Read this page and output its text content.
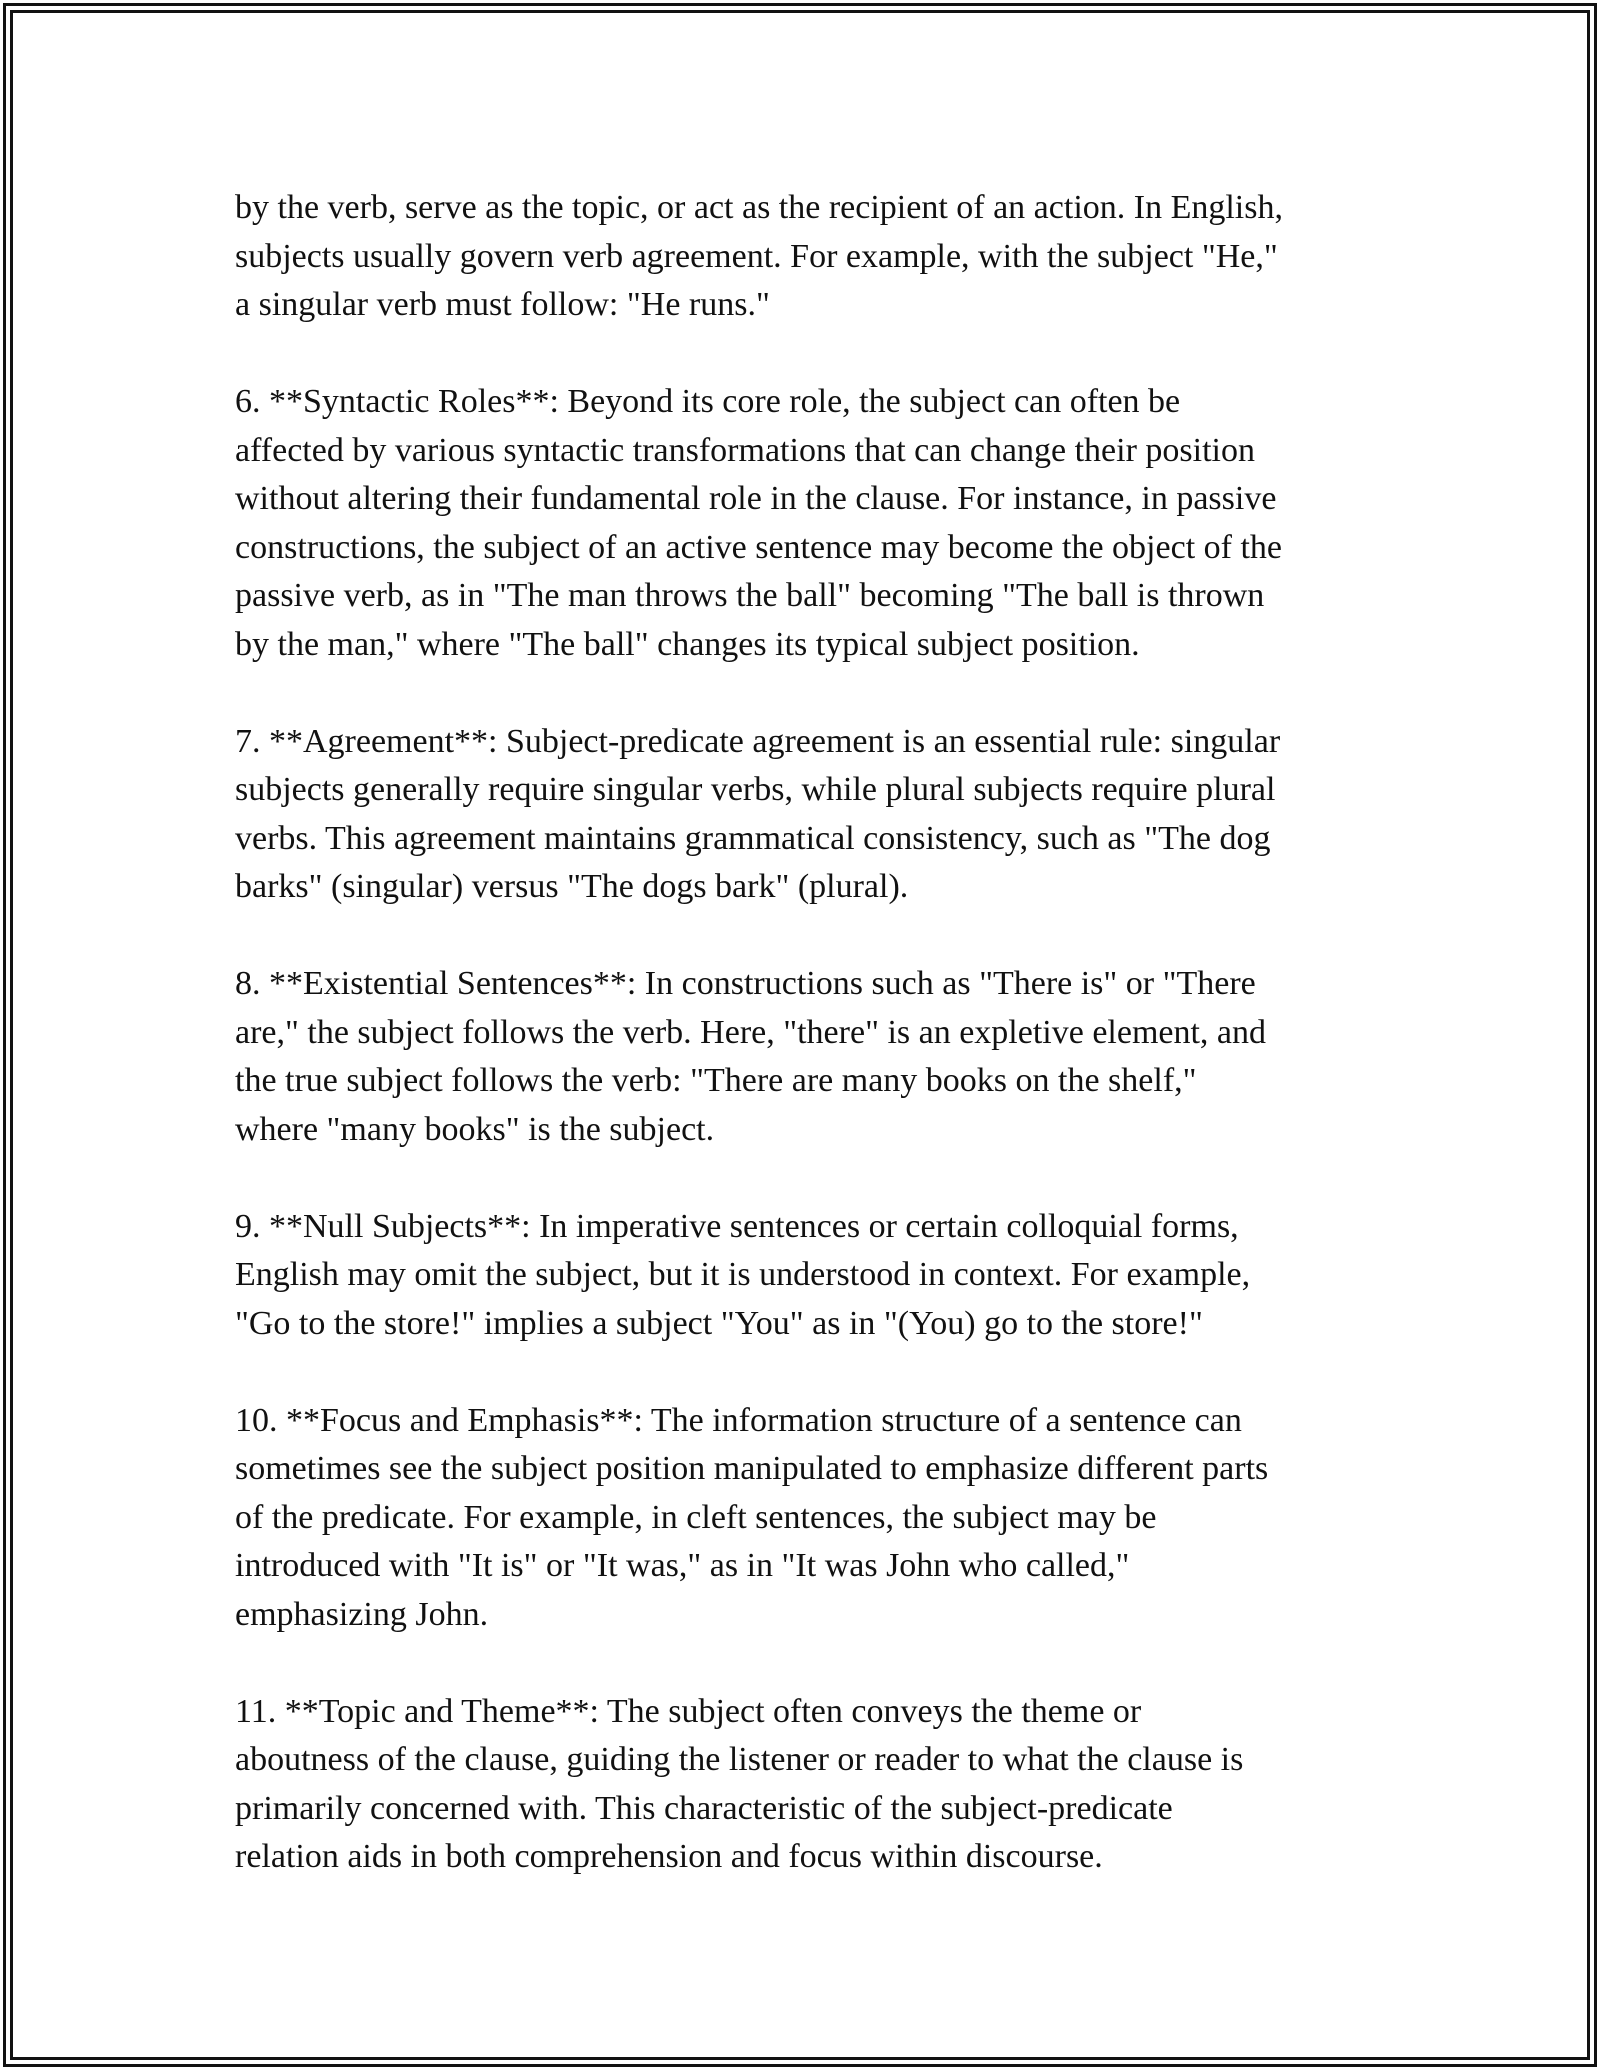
by the verb, serve as the topic, or act as the recipient of an action. In English,
subjects usually govern verb agreement. For example, with the subject "He,"
a singular verb must follow: "He runs."

6. **Syntactic Roles**: Beyond its core role, the subject can often be
affected by various syntactic transformations that can change their position
without altering their fundamental role in the clause. For instance, in passive
constructions, the subject of an active sentence may become the object of the
passive verb, as in "The man throws the ball" becoming "The ball is thrown
by the man," where "The ball" changes its typical subject position.

7. **Agreement**: Subject-predicate agreement is an essential rule: singular
subjects generally require singular verbs, while plural subjects require plural
verbs. This agreement maintains grammatical consistency, such as "The dog
barks" (singular) versus "The dogs bark" (plural).

8. **Existential Sentences**: In constructions such as "There is" or "There
are," the subject follows the verb. Here, "there" is an expletive element, and
the true subject follows the verb: "There are many books on the shelf,"
where "many books" is the subject.

9. **Null Subjects**: In imperative sentences or certain colloquial forms,
English may omit the subject, but it is understood in context. For example,
"Go to the store!" implies a subject "You" as in "(You) go to the store!"

10. **Focus and Emphasis**: The information structure of a sentence can
sometimes see the subject position manipulated to emphasize different parts
of the predicate. For example, in cleft sentences, the subject may be
introduced with "It is" or "It was," as in "It was John who called,"
emphasizing John.

11. **Topic and Theme**: The subject often conveys the theme or
aboutness of the clause, guiding the listener or reader to what the clause is
primarily concerned with. This characteristic of the subject-predicate
relation aids in both comprehension and focus within discourse.
